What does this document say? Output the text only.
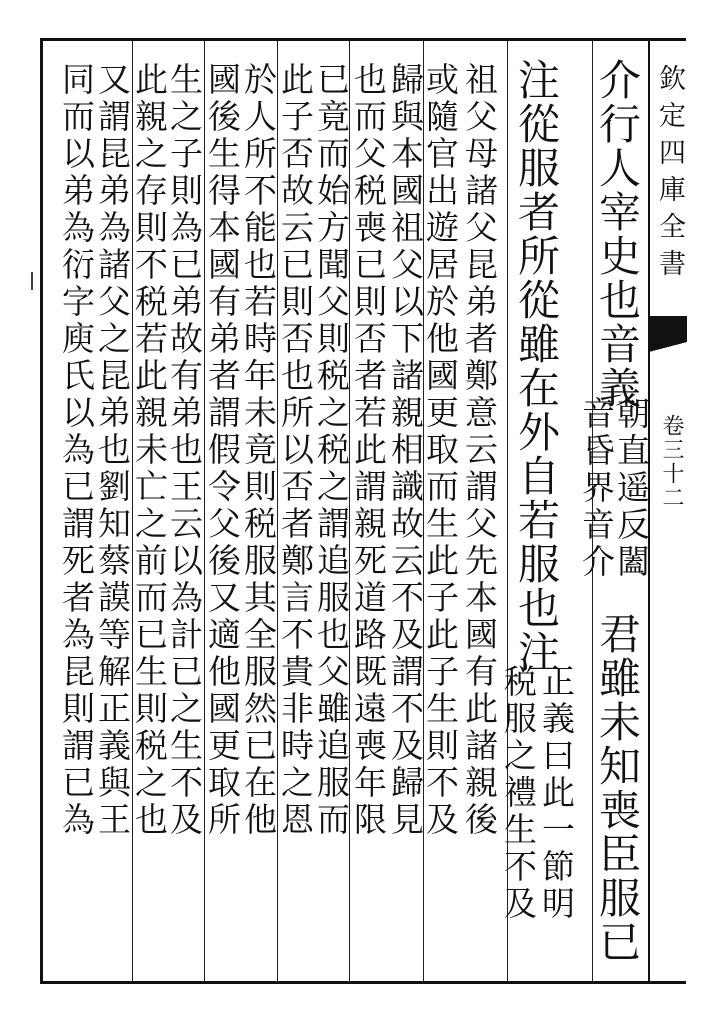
欽定四庫全書
卷三十二
介行人宰史也音義
朝直遥反闔
音昏界音介
君雖未知喪臣服已
注從服者所從雖在外自若服也注
正義曰此一節明
税服之禮生不及
祖父母諸父昆弟者鄭意云謂父先本國有此諸親後
或隨官出遊居於他國更取而生此子此子生則不及
歸與本國祖父以下諸親相識故云不及謂不及歸見
也而父税喪已則否者若此謂親死道路既遠喪年限
已竟而始方聞父則税之税之謂追服也父雖追服而
此子否故云已則否也所以否者鄭言不貴非時之恩
於人所不能也若時年未竟則税服其全服然已在他
國後生得本國有弟者謂假令父後又適他國更取所
生之子則為已弟故有弟也王云以為計已之生不及
此親之存則不税若此親未亡之前而已生則税之也
又謂昆弟為諸父之昆弟也劉知蔡謨等解正義與王
同而以弟為衍字庾氏以為已謂死者為昆則謂已為
